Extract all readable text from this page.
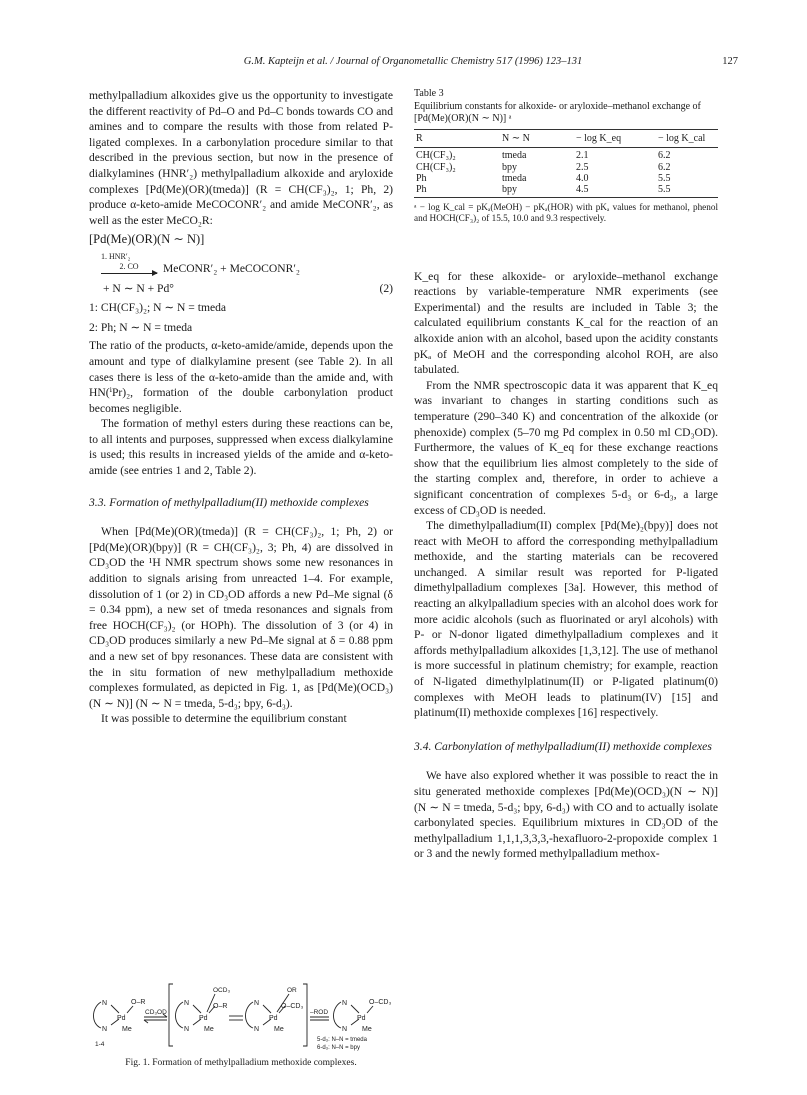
G.M. Kapteijn et al. / Journal of Organometallic Chemistry 517 (1996) 123–131	127

methylpalladium alkoxides give us the opportunity to investigate the different reactivity of Pd–O and Pd–C bonds towards CO and amines and to compare the results with those from related P-ligated complexes. In a carbonylation procedure similar to that described in the previous section, but now in the presence of dialkylamines (HNR′₂) methylpalladium alkoxide and aryloxide complexes [Pd(Me)(OR)(tmeda)] (R = CH(CF₃)₂, 1; Ph, 2) produce α-keto-amide MeCOCONR′₂ and amide MeCONR′₂, as well as the ester MeCO₂R:

[Pd(Me)(OR)(N ∼ N)]
1. HNR′₂
2. CO	MeCONR′₂ + MeCOCONR′₂
+ N ∼ N + Pd°	(2)
1: CH(CF₃)₂; N ∼ N = tmeda
2: Ph; N ∼ N = tmeda

The ratio of the products, α-keto-amide/amide, depends upon the amount and type of dialkylamine present (see Table 2). In all cases there is less of the α-keto-amide than the amide and, with HN(ⁱPr)₂, formation of the double carbonylation product becomes negligible.

The formation of methyl esters during these reactions can be, to all intents and purposes, suppressed when excess dialkylamine is used; this results in increased yields of the amide and α-keto-amide (see entries 1 and 2, Table 2).

3.3. Formation of methylpalladium(II) methoxide complexes

When [Pd(Me)(OR)(tmeda)] (R = CH(CF₃)₂, 1; Ph, 2) or [Pd(Me)(OR)(bpy)] (R = CH(CF₃)₂, 3; Ph, 4) are dissolved in CD₃OD the ¹H NMR spectrum shows some new resonances in addition to signals arising from unreacted 1–4. For example, dissolution of 1 (or 2) in CD₃OD affords a new Pd–Me signal (δ = 0.34 ppm), a new set of tmeda resonances and signals from free HOCH(CF₃)₂ (or HOPh). The dissolution of 3 (or 4) in CD₃OD produces similarly a new Pd–Me signal at δ = 0.88 ppm and a new set of bpy resonances. These data are consistent with the in situ formation of new methylpalladium methoxide complexes formulated, as depicted in Fig. 1, as [Pd(Me)(OCD₃)(N ∼ N)] (N ∼ N = tmeda, 5-d₃; bpy, 6-d₃).

It was possible to determine the equilibrium constant

N
N
Pd
O–R
Me
1-4
CD₃OD
N
N
Pd
O–R
OCD₃
Me
N
N
Pd
O–CD₃
OR
Me
–ROD
N
N
Pd
O–CD₃
Me
5-d₃: N–N = tmeda
6-d₃: N–N = bpy
Fig. 1. Formation of methylpalladium methoxide complexes.
Table 3
Equilibrium constants for alkoxide- or aryloxide–methanol exchange of [Pd(Me)(OR)(N ∼ N)] ᵃ
R	N ∼ N	− log K_eq	− log K_cal
CH(CF₃)₂	tmeda	2.1	6.2
CH(CF₃)₂	bpy	2.5	6.2
Ph	tmeda	4.0	5.5
Ph	bpy	4.5	5.5
ᵃ − log K_cal = pKₐ(MeOH) − pKₐ(HOR) with pKₐ values for methanol, phenol and HOCH(CF₃)₂ of 15.5, 10.0 and 9.3 respectively.

K_eq for these alkoxide- or aryloxide–methanol exchange reactions by variable-temperature NMR experiments (see Experimental) and the results are included in Table 3; the calculated equilibrium constants K_cal for the reaction of an alkoxide anion with an alcohol, based upon the acidity constants pKₐ of MeOH and the corresponding alcohol ROH, are also tabulated.

From the NMR spectroscopic data it was apparent that K_eq was invariant to changes in starting conditions such as temperature (290–340 K) and concentration of the alkoxide (or phenoxide) complex (5–70 mg Pd complex in 0.50 ml CD₃OD). Furthermore, the values of K_eq for these exchange reactions show that the equilibrium lies almost completely to the side of the starting complex and, therefore, in order to achieve a significant concentration of complexes 5-d₃ or 6-d₃, a large excess of CD₃OD is needed.

The dimethylpalladium(II) complex [Pd(Me)₂(bpy)] does not react with MeOH to afford the corresponding methylpalladium methoxide, and the starting materials can be recovered unchanged. A similar result was reported for P-ligated dimethylpalladium complexes [3a]. However, this method of reacting an alkylpalladium species with an alcohol does work for more acidic alcohols (such as fluorinated or aryl alcohols) with P- or N-donor ligated dimethylpalladium complexes and it affords methylpalladium alkoxides [1,3,12]. The use of methanol is more successful in platinum chemistry; for example, reaction of N-ligated dimethylplatinum(II) or P-ligated platinum(0) complexes with MeOH leads to platinum(IV) [15] and platinum(II) methoxide complexes [16] respectively.

3.4. Carbonylation of methylpalladium(II) methoxide complexes

We have also explored whether it was possible to react the in situ generated methoxide complexes [Pd(Me)(OCD₃)(N ∼ N)] (N ∼ N = tmeda, 5-d₃; bpy, 6-d₃) with CO and to actually isolate carbonylated species. Equilibrium mixtures in CD₃OD of the methylpalladium 1,1,1,3,3,3,-hexafluoro-2-propoxide complex 1 or 3 and the newly formed methylpalladium methox-
